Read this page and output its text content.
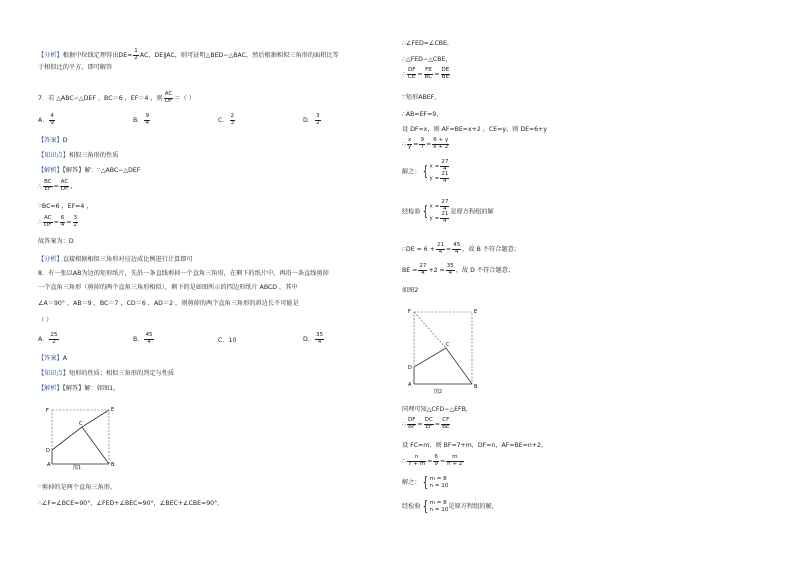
【分析】根据中位线定理得出$DE= \frac{1}{2}$ AC，DE∥AC，则可证明△BED∽△BAC，然后根据相似三角形的面积比等
于相似比的平方，即可解答
7．若 △ABC∽△DEF ，BC＝6 ，EF＝4 ，则 $\frac{AC}{DF}$ ＝（ ）
A． $\frac{4}{9}$	B． $\frac{9}{4}$	C． $\frac{2}{3}$	D． $\frac{3}{2}$
【答案】D
【知识点】相似三角形的性质
【解析】【解答】解：∵△ABC∽△DEF
∴ $\frac{BC}{EF} = \frac{AC}{DF}$ ，
∵BC=6 ，EF=4 ，
∴ $\frac{AC}{DF} = \frac{6}{4} = \frac{3}{2}$
故答案为：D
【分析】直接根据相似三角形对应边成比例进行计算即可
8．有一张以AB为边的矩形纸片，先沿一条直线剪掉一个直角三角形，在剩下的纸片中，再沿一条直线剪掉
一个直角三角形（剪掉的两个直角三角形相似），剩下的是如图所示的四边形纸片 ABCD ，其中
∠A＝90° ，AB＝9 ，BC＝7 ，CD＝6 ，AD＝2 ，则剪掉的两个直角三角形的斜边长不可能是
（ ）
A． $\frac{25}{2}$	B． $\frac{45}{4}$	C．10	D． $\frac{35}{4}$
【答案】A
【知识点】矩形的性质；相似三角形的判定与性质
【解析】【解答】解：如图1，
F	E
C
D
A	B
图1
∵剪掉的是两个直角三角形，
∴∠F=∠BCE=90°，∠FED+∠BEC=90°，∠BEC+∠CBE=90°，
∴∠FED=∠CBE，
∴△FED∽△CBE，
∴ $\frac{DF}{CE} = \frac{FE}{BC} = \frac{DE}{BE}$
∵矩形ABEF，
∴AB=EF=9，
设 DF=x，则 AF=BE=x+2 ，CE=y，则 DE=6+y
∴ $\frac{x}{y} = \frac{9}{7} = \frac{6 + y}{x + 2}$
解之： { $x = \frac{27}{4}$
$y = \frac{21}{4}$
经检验 { $x = \frac{27}{4}$
$y = \frac{21}{4}$
是原方程组的解
∴DE = $6 + \frac{21}{4} = \frac{45}{4}$ ，故 B 不符合题意；
BE = $\frac{27}{4} +2 = \frac{35}{4}$ ，故 D 不符合题意；
如图2
F	E
C
D
A	B
图2
同理可知△CFD∽△EFB，
∴ $\frac{DF}{BF} = \frac{DC}{EF} = \frac{CF}{BE}$
设 FC=m，则 BF=7+m，DF=n，AF=BE=n+2，
∴ $\frac{n}{7 + m} = \frac{6}{9} = \frac{m}{n + 2}$
解之： { m = 8
n = 10
经检验 { m = 8
n = 10 是原方程组的解，
